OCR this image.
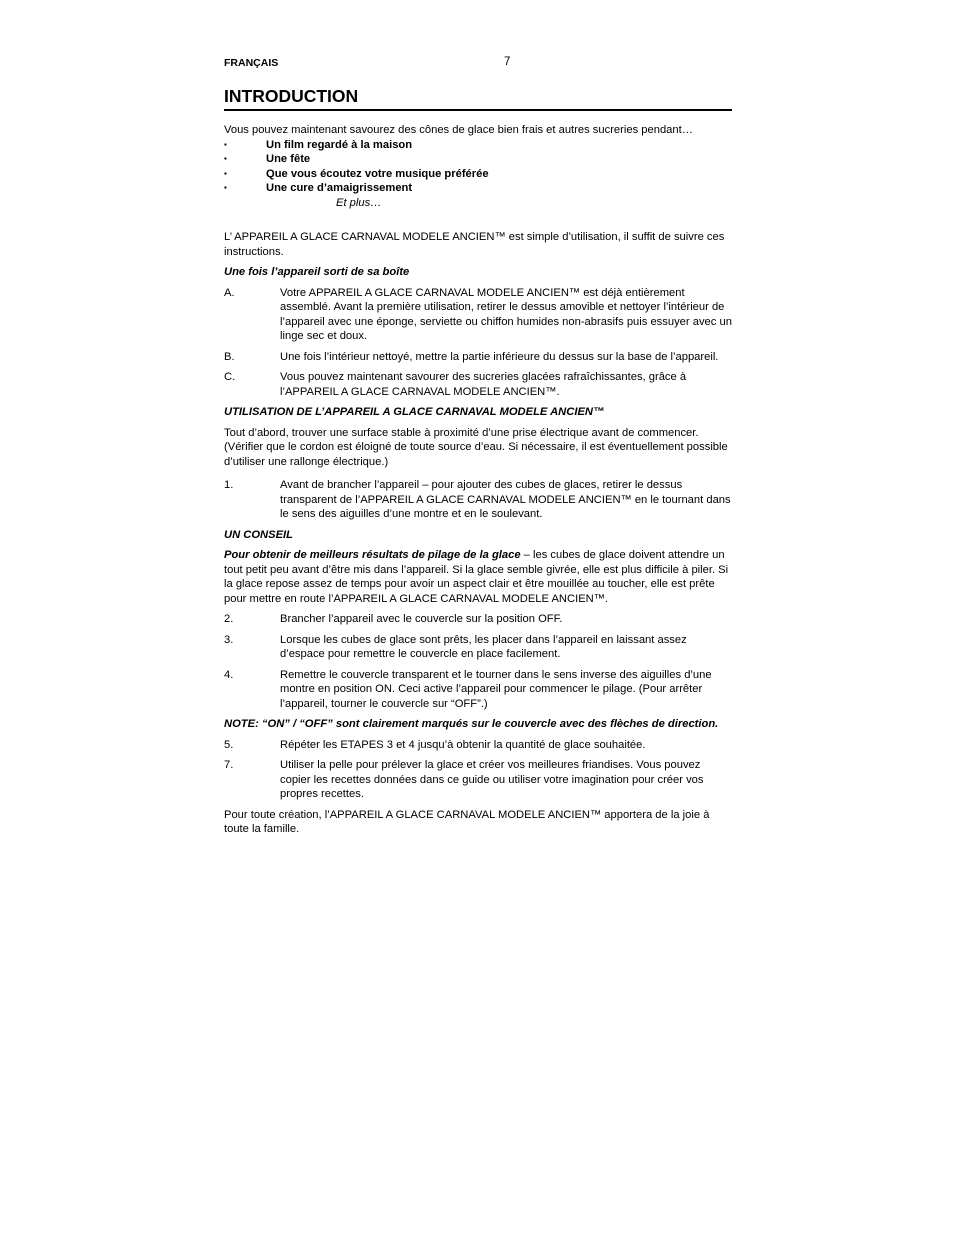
FRANÇAIS	7
INTRODUCTION

Vous pouvez maintenant savourez des cônes de glace bien frais et autres sucreries pendant…

▪	Un film regardé à la maison
▪	Une fête
▪	Que vous écoutez votre musique préférée
▪	Une cure d’amaigrissement

Et plus…

L’ APPAREIL A GLACE CARNAVAL MODELE ANCIEN™ est simple d’utilisation, il suffit de suivre ces instructions.

Une fois l’appareil sorti de sa boîte

A.	Votre APPAREIL A GLACE CARNAVAL MODELE ANCIEN™ est déjà entièrement assemblé. Avant la première utilisation, retirer le dessus amovible et nettoyer l’intérieur de l’appareil avec une éponge, serviette ou chiffon humides non-abrasifs puis essuyer avec un linge sec et doux.
B.	Une fois l’intérieur nettoyé, mettre la partie inférieure du dessus sur la base de l’appareil.
C.	Vous pouvez maintenant savourer des sucreries glacées rafraîchissantes, grâce à l’APPAREIL A GLACE CARNAVAL MODELE ANCIEN™.

UTILISATION DE L’APPAREIL A GLACE CARNAVAL MODELE ANCIEN™

Tout d’abord, trouver une surface stable à proximité d’une prise électrique avant de commencer. (Vérifier que le cordon est éloigné de toute source d’eau. Si nécessaire, il est éventuellement possible d’utiliser une rallonge électrique.)

1.	Avant de brancher l’appareil – pour ajouter des cubes de glaces, retirer le dessus transparent de l’APPAREIL A GLACE CARNAVAL MODELE ANCIEN™ en le tournant dans le sens des aiguilles d’une montre et en le soulevant.

UN CONSEIL

Pour obtenir de meilleurs résultats de pilage de la glace – les cubes de glace doivent attendre un tout petit peu avant d’être mis dans l’appareil. Si la glace semble givrée, elle est plus difficile à piler. Si la glace repose assez de temps pour avoir un aspect clair et être mouillée au toucher, elle est prête pour mettre en route l’APPAREIL A GLACE CARNAVAL MODELE ANCIEN™.

2.	Brancher l’appareil avec le couvercle sur la position OFF.
3.	Lorsque les cubes de glace sont prêts, les placer dans l’appareil en laissant assez d’espace pour remettre le couvercle en place facilement.
4.	Remettre le couvercle transparent et le tourner dans le sens inverse des aiguilles d’une montre en position ON. Ceci active l’appareil pour commencer le pilage. (Pour arrêter l’appareil, tourner le couvercle sur “OFF”.)

NOTE: “ON” / “OFF” sont clairement marqués sur le couvercle avec des flèches de direction.

5.	Répéter les ETAPES 3 et 4 jusqu’à obtenir la quantité de glace souhaitée.
7.	Utiliser la pelle pour prélever la glace et créer vos meilleures friandises. Vous pouvez copier les recettes données dans ce guide ou utiliser votre imagination pour créer vos propres recettes.

Pour toute création, l’APPAREIL A GLACE CARNAVAL MODELE ANCIEN™ apportera de la joie à toute la famille.
